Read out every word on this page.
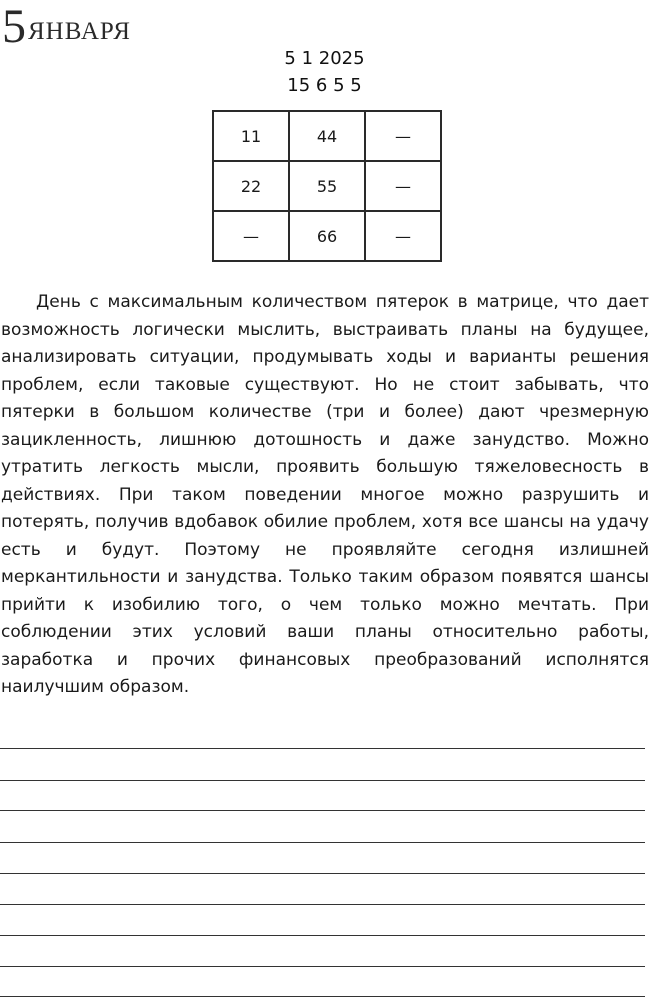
5 ЯНВАРЯ
5 1 2025
15 6 5 5
11	44	—
22	55	—
—	66	—

День с максимальным количеством пятерок в матрице, что дает возможность логически мыслить, выстраивать планы на будущее, анализировать ситуации, продумывать ходы и варианты решения проблем, если таковые существуют. Но не стоит забывать, что пятерки в большом количестве (три и более) дают чрезмерную зацикленность, лишнюю дотошность и даже занудство. Можно утратить легкость мысли, проявить большую тяжеловесность в действиях. При таком поведении многое можно разрушить и потерять, получив вдобавок обилие проблем, хотя все шансы на удачу есть и будут. Поэтому не проявляйте сегодня излишней меркантильности и занудства. Только таким образом появятся шансы прийти к изобилию того, о чем только можно мечтать. При соблюдении этих условий ваши планы относительно работы, заработка и прочих финансовых преобразований исполнятся наилучшим образом.
